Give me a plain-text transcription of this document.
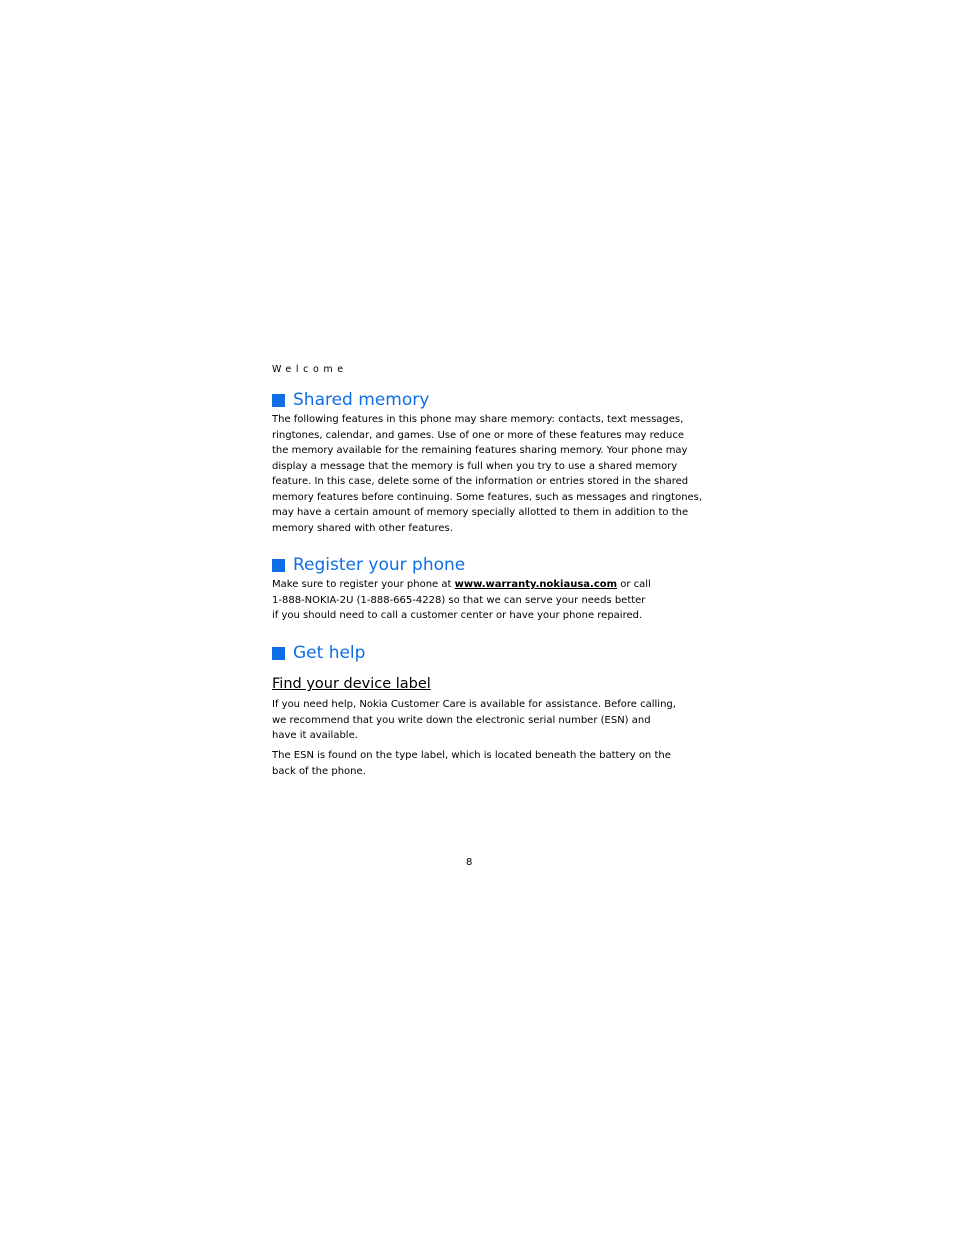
Welcome
Shared memory

The following features in this phone may share memory: contacts, text messages,
ringtones, calendar, and games. Use of one or more of these features may reduce
the memory available for the remaining features sharing memory. Your phone may
display a message that the memory is full when you try to use a shared memory
feature. In this case, delete some of the information or entries stored in the shared
memory features before continuing. Some features, such as messages and ringtones,
may have a certain amount of memory specially allotted to them in addition to the
memory shared with other features.

Register your phone

Make sure to register your phone at www.warranty.nokiausa.com or call
1-888-NOKIA-2U (1-888-665-4228) so that we can serve your needs better
if you should need to call a customer center or have your phone repaired.

Get help
Find your device label

If you need help, Nokia Customer Care is available for assistance. Before calling,
we recommend that you write down the electronic serial number (ESN) and
have it available.

The ESN is found on the type label, which is located beneath the battery on the
back of the phone.

8
